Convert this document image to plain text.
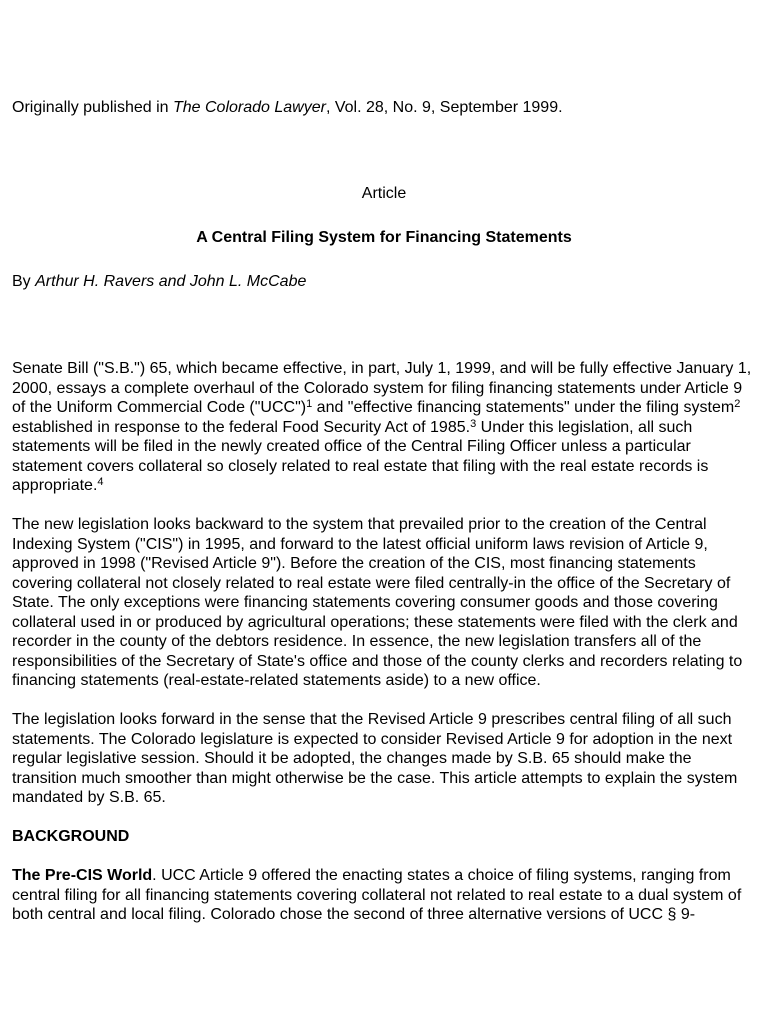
Originally published in The Colorado Lawyer, Vol. 28, No. 9, September 1999.

Article

A Central Filing System for Financing Statements

By Arthur H. Ravers and John L. McCabe

Senate Bill ("S.B.") 65, which became effective, in part, July 1, 1999, and will be fully effective January 1, 2000, essays a complete overhaul of the Colorado system for filing financing statements under Article 9 of the Uniform Commercial Code ("UCC")$^1$ and "effective financing statements" under the filing system$^2$ established in response to the federal Food Security Act of 1985.$^3$ Under this legislation, all such statements will be filed in the newly created office of the Central Filing Officer unless a particular statement covers collateral so closely related to real estate that filing with the real estate records is appropriate.$^4$

The new legislation looks backward to the system that prevailed prior to the creation of the Central Indexing System ("CIS") in 1995, and forward to the latest official uniform laws revision of Article 9, approved in 1998 ("Revised Article 9"). Before the creation of the CIS, most financing statements covering collateral not closely related to real estate were filed centrally-in the office of the Secretary of State. The only exceptions were financing statements covering consumer goods and those covering collateral used in or produced by agricultural operations; these statements were filed with the clerk and recorder in the county of the debtors residence. In essence, the new legislation transfers all of the responsibilities of the Secretary of State's office and those of the county clerks and recorders relating to financing statements (real-estate-related statements aside) to a new office.

The legislation looks forward in the sense that the Revised Article 9 prescribes central filing of all such statements. The Colorado legislature is expected to consider Revised Article 9 for adoption in the next regular legislative session. Should it be adopted, the changes made by S.B. 65 should make the transition much smoother than might otherwise be the case. This article attempts to explain the system mandated by S.B. 65.

BACKGROUND

The Pre-CIS World. UCC Article 9 offered the enacting states a choice of filing systems, ranging from central filing for all financing statements covering collateral not related to real estate to a dual system of both central and local filing. Colorado chose the second of three alternative versions of UCC § 9-
